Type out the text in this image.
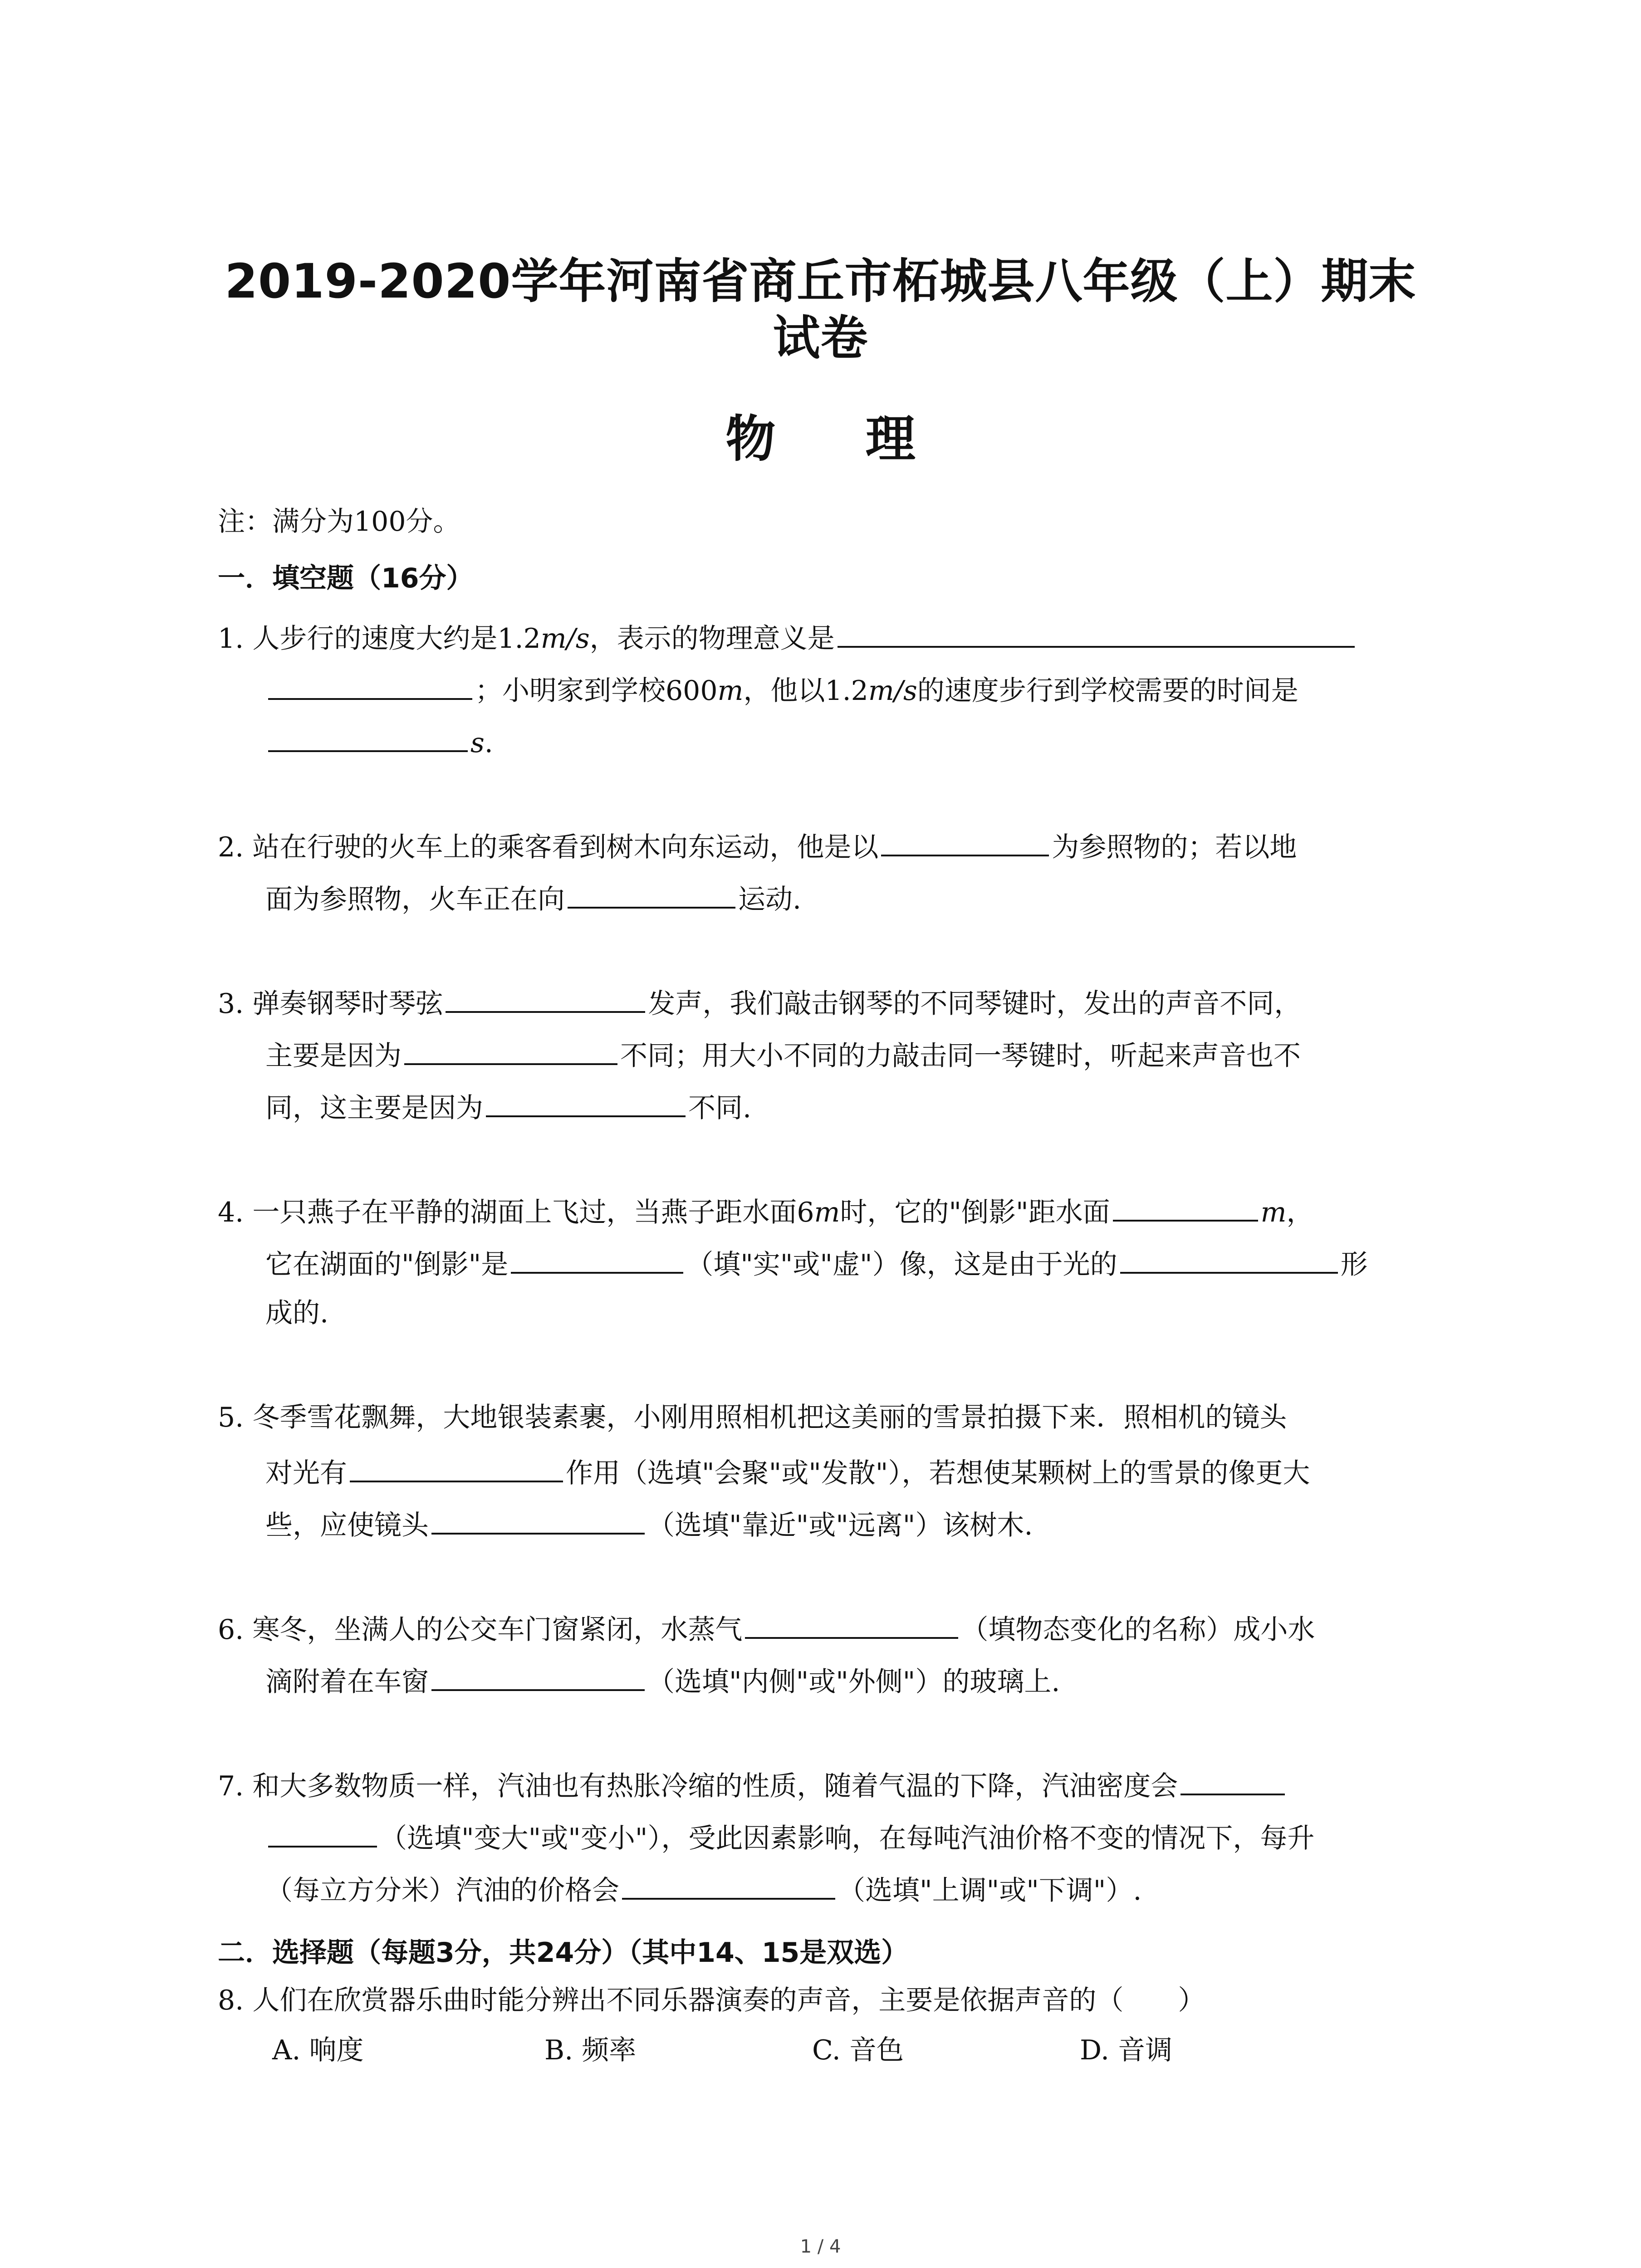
2019-2020学年河南省商丘市柘城县八年级（上）期末
试卷
物 理
注：满分为100分。
一．填空题（16分）
1. 人步行的速度大约是1.2m/s，表示的物理意义是
；小明家到学校600m，他以1.2m/s的速度步行到学校需要的时间是
s.
2. 站在行驶的火车上的乘客看到树木向东运动，他是以	为参照物的；若以地
面为参照物，火车正在向	运动.
3. 弹奏钢琴时琴弦	发声，我们敲击钢琴的不同琴键时，发出的声音不同，
主要是因为	不同；用大小不同的力敲击同一琴键时，听起来声音也不
同，这主要是因为	不同.
4. 一只燕子在平静的湖面上飞过，当燕子距水面6m时，它的"倒影"距水面	m，
它在湖面的"倒影"是	（填"实"或"虚"）像，这是由于光的	形
成的.
5. 冬季雪花飘舞，大地银装素裹，小刚用照相机把这美丽的雪景拍摄下来．照相机的镜头
对光有	作用（选填"会聚"或"发散"），若想使某颗树上的雪景的像更大
些，应使镜头	（选填"靠近"或"远离"）该树木.
6. 寒冬，坐满人的公交车门窗紧闭，水蒸气	（填物态变化的名称）成小水
滴附着在车窗	（选填"内侧"或"外侧"）的玻璃上.
7. 和大多数物质一样，汽油也有热胀冷缩的性质，随着气温的下降，汽油密度会
（选填"变大"或"变小"），受此因素影响，在每吨汽油价格不变的情况下，每升
（每立方分米）汽油的价格会	（选填"上调"或"下调"）.
二．选择题（每题3分，共24分）（其中14、15是双选）
8. 人们在欣赏器乐曲时能分辨出不同乐器演奏的声音，主要是依据声音的（　　）
A. 响度	B. 频率	C. 音色	D. 音调
1 / 4
